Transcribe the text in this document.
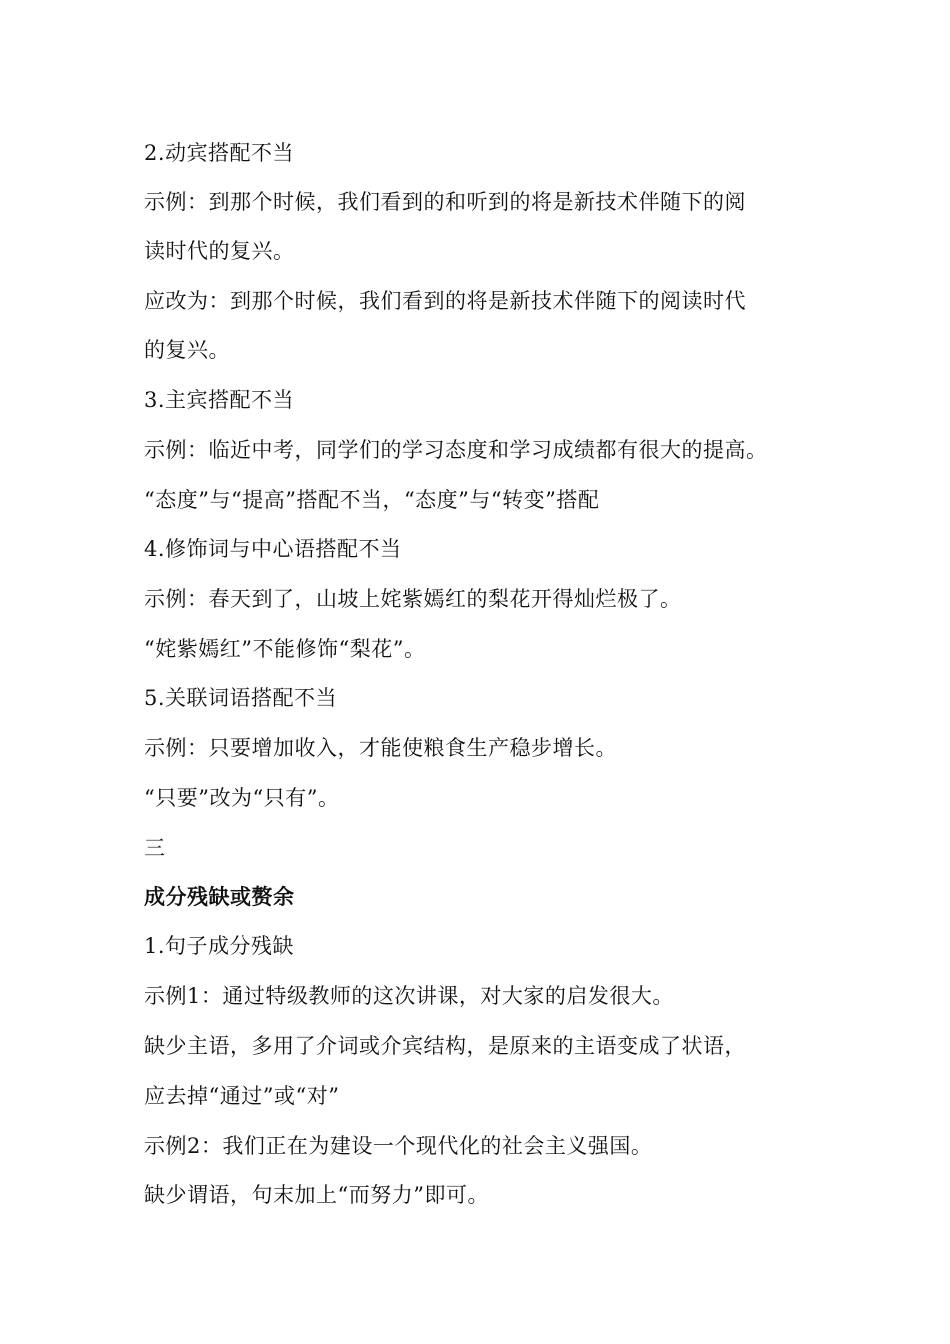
2.动宾搭配不当
示例：到那个时候，我们看到的和听到的将是新技术伴随下的阅
读时代的复兴。
应改为：到那个时候，我们看到的将是新技术伴随下的阅读时代
的复兴。
3.主宾搭配不当
示例：临近中考，同学们的学习态度和学习成绩都有很大的提高。
“态度”与“提高”搭配不当，“态度”与“转变”搭配
4.修饰词与中心语搭配不当
示例：春天到了，山坡上姹紫嫣红的梨花开得灿烂极了。
“姹紫嫣红”不能修饰“梨花”。
5.关联词语搭配不当
示例：只要增加收入，才能使粮食生产稳步增长。
“只要”改为“只有”。
三
成分残缺或赘余
1.句子成分残缺
示例1：通过特级教师的这次讲课，对大家的启发很大。
缺少主语，多用了介词或介宾结构，是原来的主语变成了状语，
应去掉“通过”或“对”
示例2：我们正在为建设一个现代化的社会主义强国。
缺少谓语，句末加上“而努力”即可。
